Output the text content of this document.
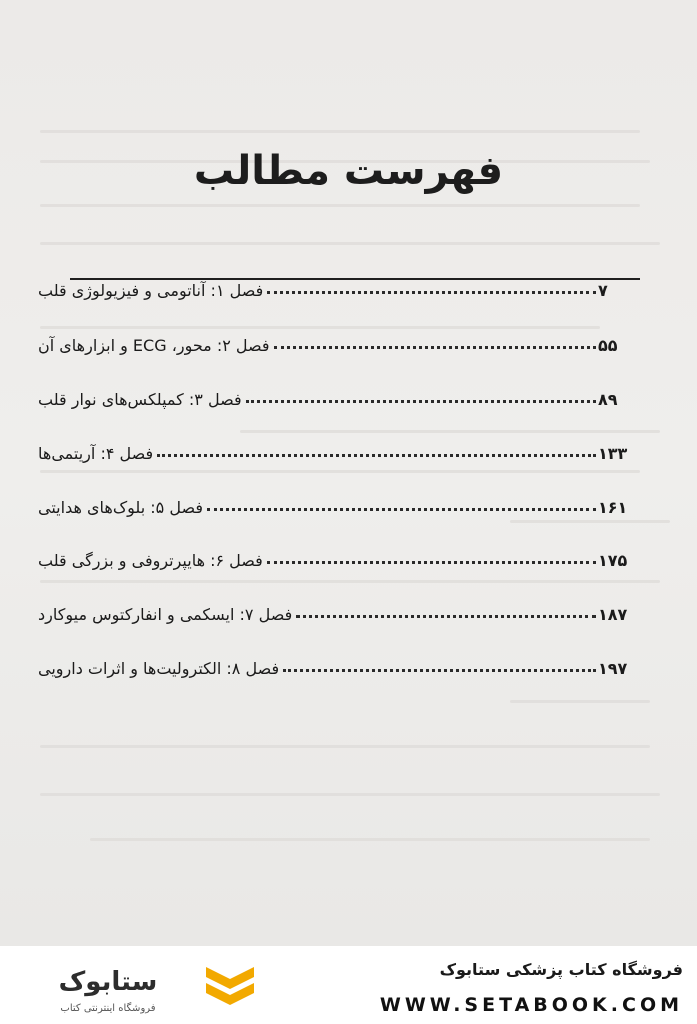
فهرست مطالب
فصل ۱: آناتومی و فیزیولوژی قلب	۷
فصل ۲: محور، ECG و ابزارهای آن	۵۵
فصل ۳: کمپلکس‌های نوار قلب	۸۹
فصل ۴: آریتمی‌ها	۱۳۳
فصل ۵: بلوک‌های هدایتی	۱۶۱
فصل ۶: هایپرتروفی و بزرگی قلب	۱۷۵
فصل ۷: ایسکمی و انفارکتوس میوکارد	۱۸۷
فصل ۸: الکترولیت‌ها و اثرات دارویی	۱۹۷
ستابوک
فروشگاه اینترنتی کتاب
فروشگاه کتاب پزشکی ستابوک
WWW.SETABOOK.COM
